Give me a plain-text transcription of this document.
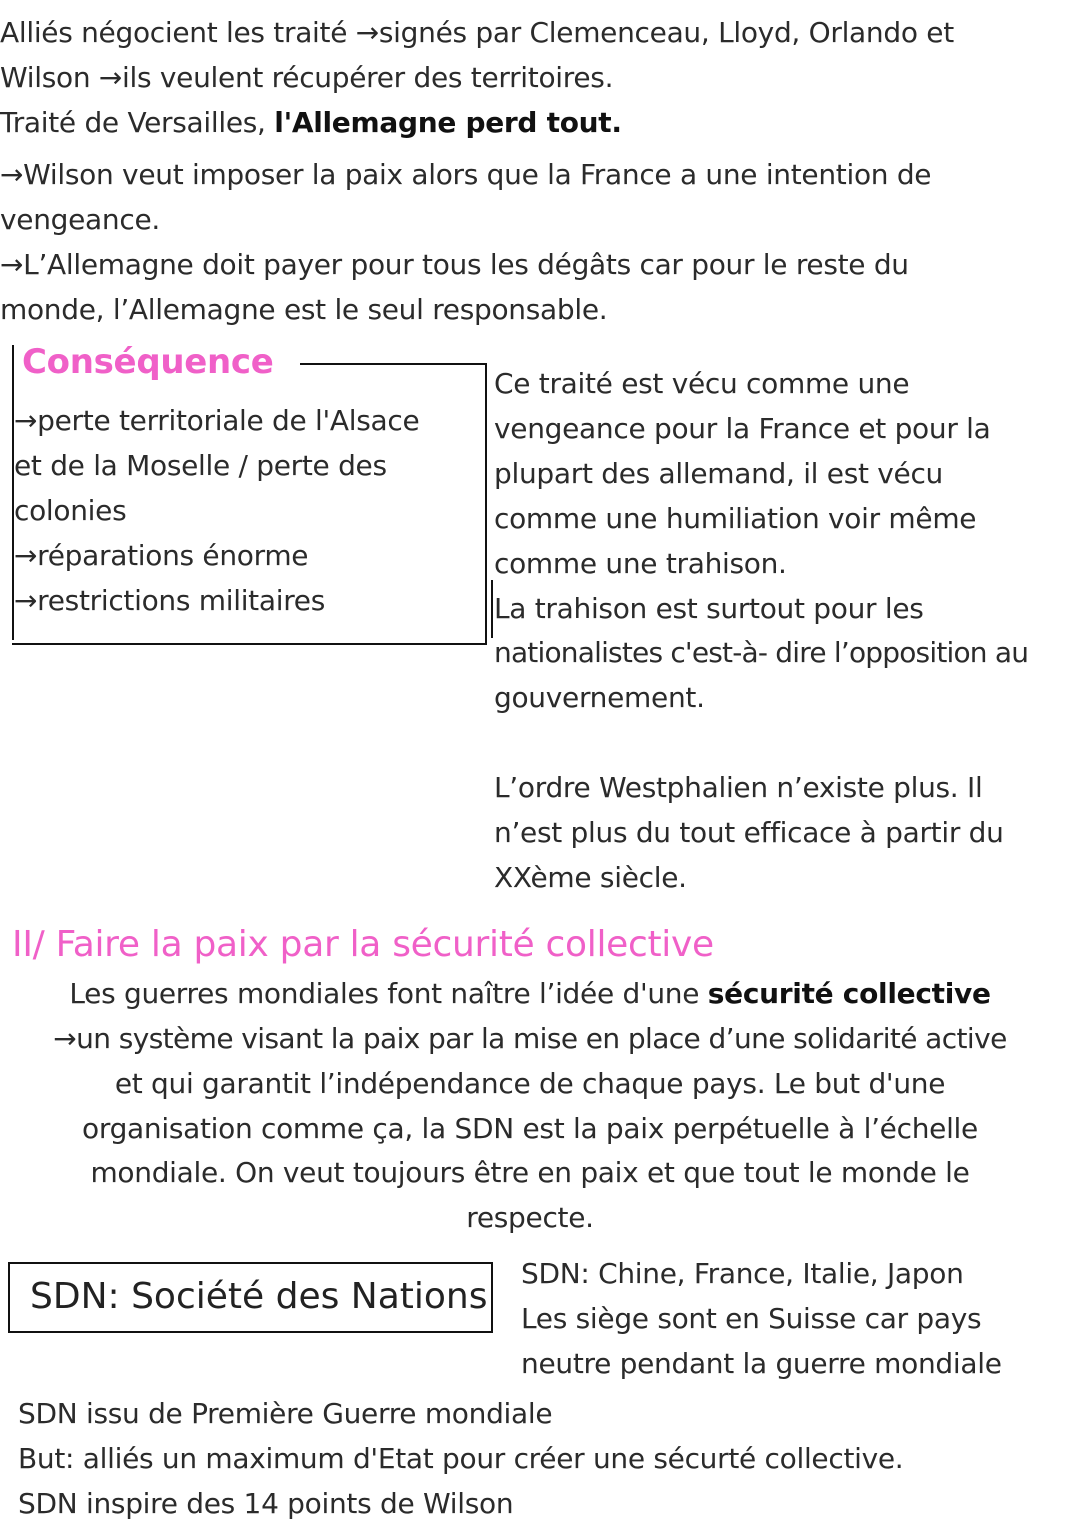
Alliés négocient les traité →signés par Clemenceau, Lloyd, Orlando et
Wilson →ils veulent récupérer des territoires.
Traité de Versailles, l'Allemagne perd tout.
→Wilson veut imposer la paix alors que la France a une intention de
vengeance.
→L’Allemagne doit payer pour tous les dégâts car pour le reste du
monde, l’Allemagne est le seul responsable.
Conséquence
→perte territoriale de l'Alsace
et de la Moselle / perte des
colonies
→réparations énorme
→restrictions militaires
Ce traité est vécu comme une
vengeance pour la France et pour la
plupart des allemand, il est vécu
comme une humiliation voir même
comme une trahison.
La trahison est surtout pour les
nationalistes c'est-à- dire l’opposition au
gouvernement.
L’ordre Westphalien n’existe plus. Il
n’est plus du tout efficace à partir du
XXème siècle.
II/ Faire la paix par la sécurité collective
Les guerres mondiales font naître l’idée d'une sécurité collective
→un système visant la paix par la mise en place d’une solidarité active
et qui garantit l’indépendance de chaque pays. Le but d'une
organisation comme ça, la SDN est la paix perpétuelle à l’échelle
mondiale. On veut toujours être en paix et que tout le monde le
respecte.
SDN: Société des Nations
SDN: Chine, France, Italie, Japon
Les siège sont en Suisse car pays
neutre pendant la guerre mondiale
SDN issu de Première Guerre mondiale
But: alliés un maximum d'Etat pour créer une sécurté collective.
SDN inspire des 14 points de Wilson
